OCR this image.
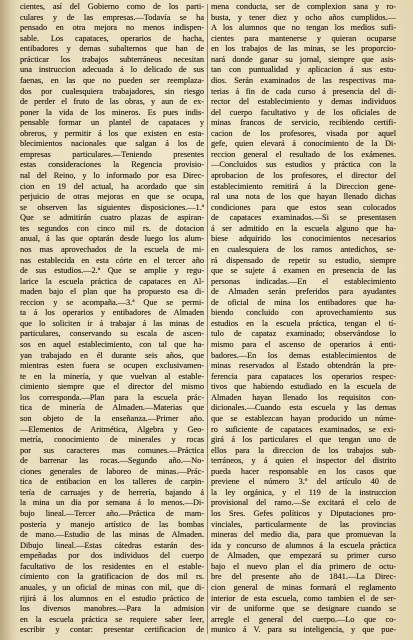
cientes, así del Gobierno como de los parti-
culares y de las empresas.—Todavía se ha
pensado en otra mejora no menos indispen-
sable. Los capataces, operarios de hacha,
entibadores y demas subalternos que han de
prácticar los trabajos subterráneos necesitan
una instruccion adecuada á lo delicado de sus
faenas, en las que no pueden ser reemplaza-
dos por cualesquiera trabajadores, sin riesgo
de perder el fruto de las obras, y aun de ex-
poner la vida de los mineros. Es pues indis-
pensable formar un plantel de capataces y
obreros, y permitir á los que existen en esta-
blecimientos nacionales que salgan á los de
empresas particulares.—Teniendo presentes
estas consideraciones la Regencia provisio-
nal del Reino, y lo informado por esa Direc-
cion en 19 del actual, ha acordado que sin
perjuicio de otras mejoras en que se ocupa,
se observen las siguientes disposiciones.—1.ª
Que se admitirán cuatro plazas de aspiran-
tes segundos con cinco mil rs. de dotacion
anual, á las que optarán desde luego los alum-
nos mas aprovechados de la escuela de mi-
nas establecida en esta córte en el tercer año
de sus estudios.—2.ª Que se amplie y regu-
larice la escuela práctica de capataces en Al-
maden bajo el plan que ha propuesto esa di-
reccion y se acompaña.—3.ª Que se permi-
ta á los operarios y entibadores de Almaden
que lo soliciten ir á trabajar á las minas de
particulares, conservando su escala de ascen-
sos en aquel establecimiento, con tal que ha-
yan trabajado en él durante seis años, que
mientras esten fuera se ocupen exclusivamen-
te en la minería, y que vuelvan al estable-
cimiento siempre que el director del mismo
los corresponda.—Plan para la escuela prác-
tica de minería de Almaden.—Materias que
son objeto de la enseñanza.—Primer año.
—Elementos de Aritmética, Algebra y Geo-
metría, conocimiento de minerales y rocas
por sus caracteres mas comunes.—Práctica
de barrenar las rocas.—Segundo año.—No-
ciones generales de laboreo de minas.—Prác-
tica de entibacion en los talleres de carpin-
tería de carruajes y de herrería, bajando á
la mina un dia por semana á lo menos.—Di-
bujo lineal.—Tercer año.—Práctica de mam-
postería y manejo artístico de las bombas
de mano.—Estudio de las minas de Almaden.
Dibujo lineal.—Estas cátedras estarán des-
empeñadas por dos individuos del cuerpo
facultativo de los residentes en el estable-
cimiento con la gratificacion de dos mil rs.
anuales, y un oficial de minas con mil, que di-
rijirá á los alumnos en el estudio práctico de
los diversos manobres.—Para la admision
en la escuela práctica se requiere saber leer,
escribir y contar: presentar certificacion de
mena conducta, ser de complexion sana y ro-
busta, y tener diez y ocho años cumplidos.—
A los alumnos que no tengan los medios sufi-
cientes para mantenerse y quieran ocuparse
en los trabajos de las minas, se les proporcio-
nará donde ganar su jornal, siempre que asis-
tan con puntualidad y aplicacion á sus estu-
dios. Serán examinados de las respectivas ma-
terias á fin de cada curso á presencia del di-
rector del establecimiento y demas individuos
del cuerpo facultativo y de los oficiales de
minas francos de servicio, recibiendo certifi-
cacion de los profesores, visada por aquel
gefe, quien elevará á conocimiento de la Di-
reccion general el resultado de los exámenes.
—Concluidos sus estudios y práctica con la
aprobacion de los profesores, el director del
establecimiento remitirá á la Direccion gene-
ral una nota de los que hayan llenado dichas
condiciones para que estos sean colocados
de capataces examinados.—Si se presentasen
á ser admitido en la escuela alguno que ha-
biese adquirido los conocimientos necesarios
en cualesquiera de los ramos antedichos, se-
rá dispensado de repetir su estudio, siempre
que se sujete á examen en presencia de las
personas indicadas.—En el establecimiento
de Almaden serán preferidos para ayudantes
de oficial de mina los entibadores que ha-
biendo concluido con aprovechamiento sus
estudios en la escuela práctica, tengan el tí-
tulo de capataz examinado; observándose lo
mismo para el ascenso de operarios á enti-
badores.—En los demas establecimientos de
minas reservados al Estado obtendrán la pre-
ferencia para capataces los operarios respec-
tivos que habiendo estudiado en la escuela de
Almaden hayan llenado los requisitos con-
dicionales.—Cuando esta escuela y las demas
que se establezcan hayan producido un núme-
ro suficiente de capataces examinados, se exi-
girá á los particulares el que tengan uno de
ellos para la direccion de los trabajos sub-
terráneos, y á quien el inspector del distrito
pueda hacer responsable en los casos que
previene el número 3.º del artículo 40 de
la ley orgánica, y el 119 de la instruccion
provisional del ramo.—Se excitará el celo de
los Sres. Gefes políticos y Diputaciones pro-
vinciales, particularmente de las provincias
mineras del medio dia, para que promuevan la
ida y concurso de alumnos á la escuela práctica
de Almaden, que empezará su primer curso
bajo el nuevo plan el dia primero de octu-
bre del presente año de 1841.—La Direc-
cion general de minas formará el reglamento
interior de esta escuela, como tambien el de ser-
vir de uniforme que se designare cuando se
arregle el general del cuerpo.—Lo que co-
munico á V. para su inteligencia, y que pue-
